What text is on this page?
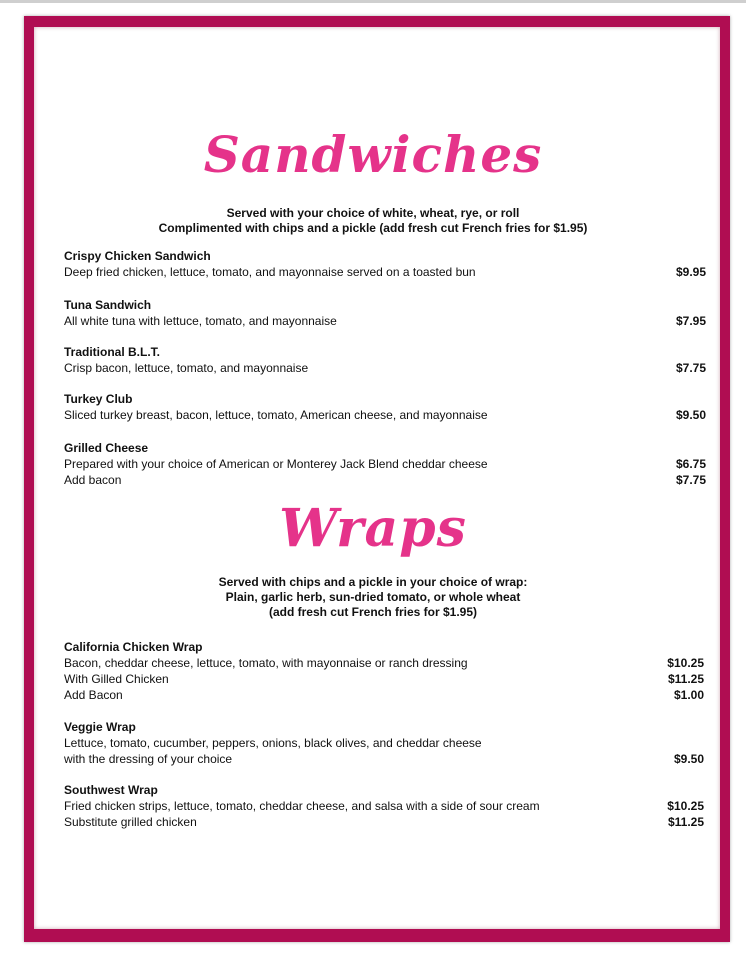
Sandwiches
Served with your choice of white, wheat, rye, or roll
Complimented with chips and a pickle (add fresh cut French fries for $1.95)
Crispy Chicken Sandwich
Deep fried chicken, lettuce, tomato, and mayonnaise served on a toasted bun	$9.95
Tuna Sandwich
All white tuna with lettuce, tomato, and mayonnaise	$7.95
Traditional B.L.T.
Crisp bacon, lettuce, tomato, and mayonnaise	$7.75
Turkey Club
Sliced turkey breast, bacon, lettuce, tomato, American cheese, and mayonnaise	$9.50
Grilled Cheese
Prepared with your choice of American or Monterey Jack Blend cheddar cheese	$6.75
Add bacon	$7.75
Wraps
Served with chips and a pickle in your choice of wrap:
Plain, garlic herb, sun-dried tomato, or whole wheat
(add fresh cut French fries for $1.95)
California Chicken Wrap
Bacon, cheddar cheese, lettuce, tomato, with mayonnaise or ranch dressing	$10.25
With Gilled Chicken	$11.25
Add Bacon	$1.00
Veggie Wrap
Lettuce, tomato, cucumber, peppers, onions, black olives, and cheddar cheese
with the dressing of your choice	$9.50
Southwest Wrap
Fried chicken strips, lettuce, tomato, cheddar cheese, and salsa with a side of sour cream	$10.25
Substitute grilled chicken	$11.25
